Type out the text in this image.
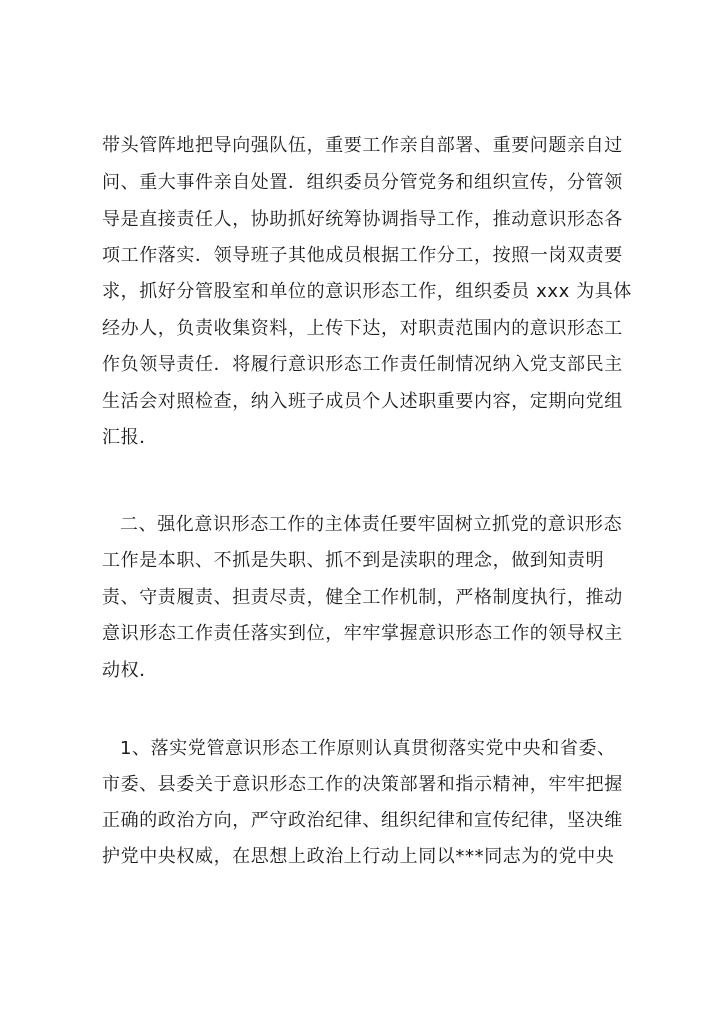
带头管阵地把导向强队伍，重要工作亲自部署、重要问题亲自过
问、重大事件亲自处置．组织委员分管党务和组织宣传，分管领
导是直接责任人，协助抓好统筹协调指导工作，推动意识形态各
项工作落实．领导班子其他成员根据工作分工，按照一岗双责要
求，抓好分管股室和单位的意识形态工作，组织委员 xxx 为具体
经办人，负责收集资料，上传下达，对职责范围内的意识形态工
作负领导责任．将履行意识形态工作责任制情况纳入党支部民主
生活会对照检查，纳入班子成员个人述职重要内容，定期向党组
汇报．
二、强化意识形态工作的主体责任要牢固树立抓党的意识形态
工作是本职、不抓是失职、抓不到是渎职的理念，做到知责明
责、守责履责、担责尽责，健全工作机制，严格制度执行，推动
意识形态工作责任落实到位，牢牢掌握意识形态工作的领导权主
动权．
1、落实党管意识形态工作原则认真贯彻落实党中央和省委、
市委、县委关于意识形态工作的决策部署和指示精神，牢牢把握
正确的政治方向，严守政治纪律、组织纪律和宣传纪律，坚决维
护党中央权威，在思想上政治上行动上同以***同志为的党中央
